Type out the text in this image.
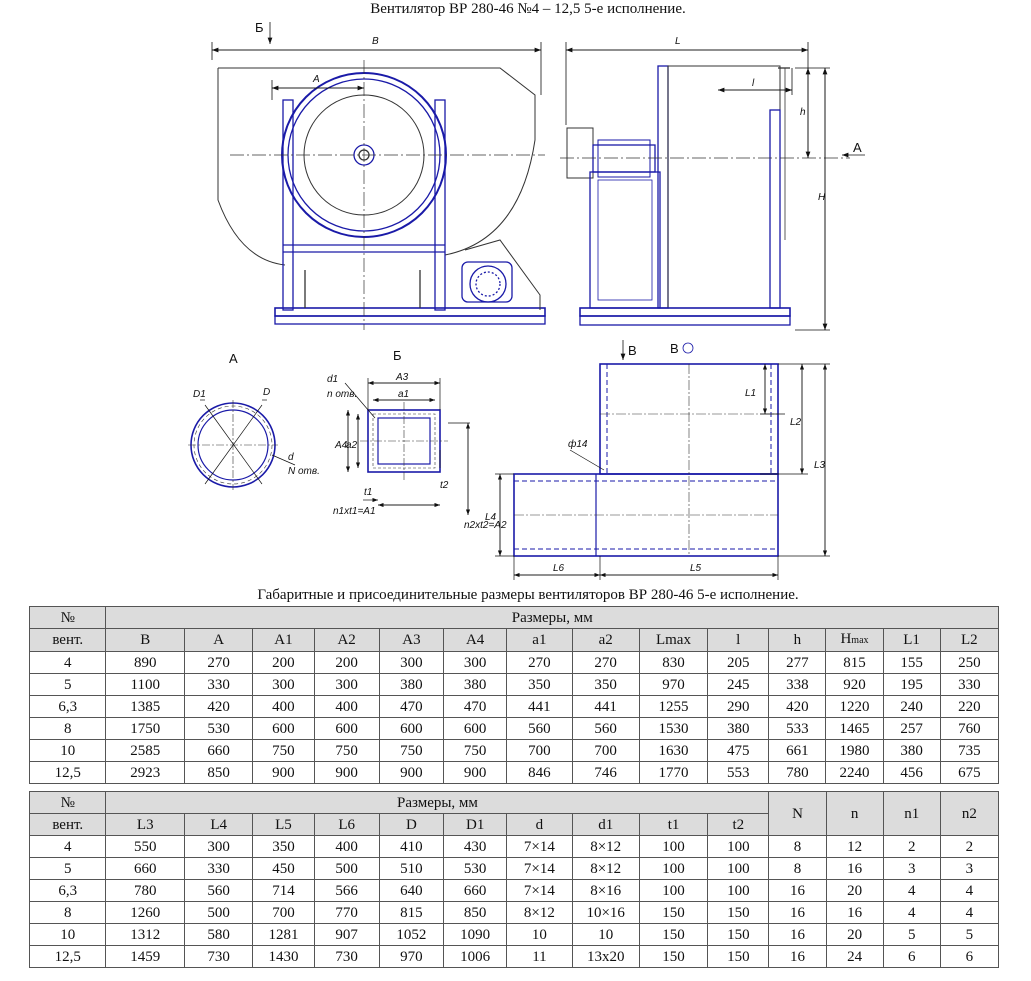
Вентилятор ВР 280-46 №4 – 12,5 5-е исполнение.
Б
B
A
L
l
h
H
A
A
D1	D
d
N отв.
Б
d1
n отв.
A3
a1
A4
a2
t1
t2
n1xt1=A1
n2xt2=A2
В	В
L1
L2
L3
L4
L5
L6
ф14
Габаритные и присоединительные размеры вентиляторов ВР 280-46 5-е исполнение.
№	Размеры, мм													
вент.	B	A	A1	A2	A3	A4	a1	a2	Lmax	l	h	Hmax	L1	L2
4	890	270	200	200	300	300	270	270	830	205	277	815	155	250
5	1100	330	300	300	380	380	350	350	970	245	338	920	195	330
6,3	1385	420	400	400	470	470	441	441	1255	290	420	1220	240	220
8	1750	530	600	600	600	600	560	560	1530	380	533	1465	257	760
10	2585	660	750	750	750	750	700	700	1630	475	661	1980	380	735
12,5	2923	850	900	900	900	900	846	746	1770	553	780	2240	456	675
№	Размеры, мм										N	n	n1	n2
вент.	L3	L4	L5	L6	D	D1	d	d1	t1	t2				
4	550	300	350	400	410	430	7×14	8×12	100	100	8	12	2	2
5	660	330	450	500	510	530	7×14	8×12	100	100	8	16	3	3
6,3	780	560	714	566	640	660	7×14	8×16	100	100	16	20	4	4
8	1260	500	700	770	815	850	8×12	10×16	150	150	16	16	4	4
10	1312	580	1281	907	1052	1090	10	10	150	150	16	20	5	5
12,5	1459	730	1430	730	970	1006	11	13x20	150	150	16	24	6	6
